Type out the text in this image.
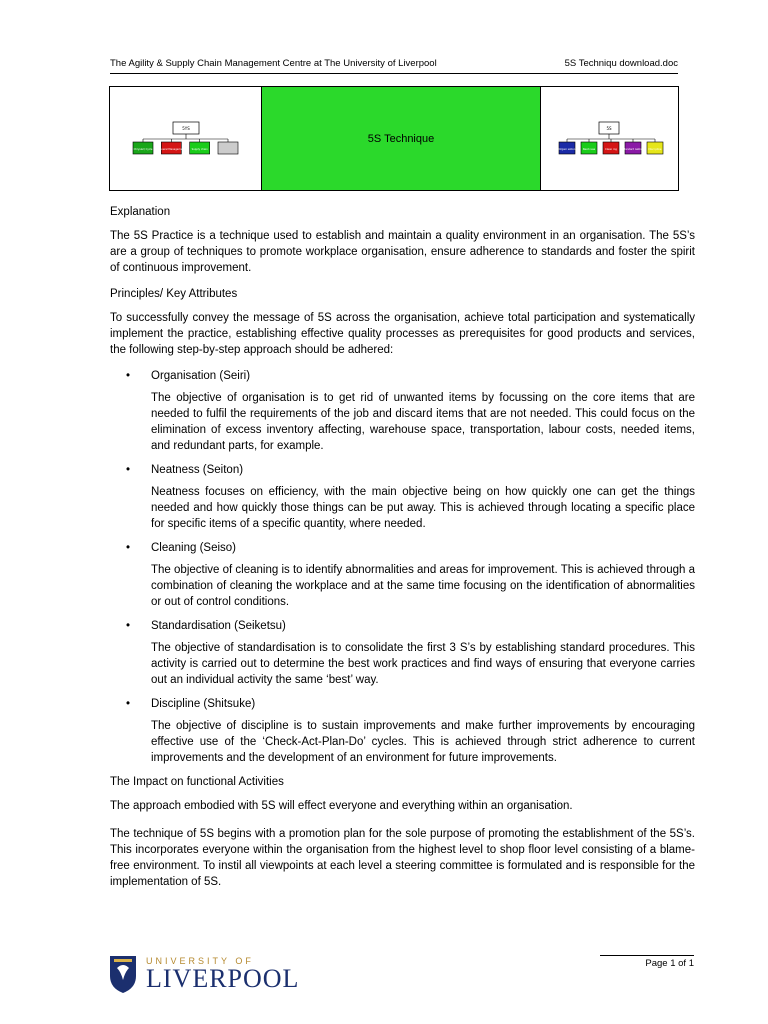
The Agility & Supply Chain Management Centre at The University of Liverpool	5S Techniqu download.doc
5YS
Chrysler/ Cycle General Management	Supply chain
5S Technique
5S
Organi sation	Neat ness	Clean ing Standard isation Disci pline
Explanation
The 5S Practice is a technique used to establish and maintain a quality environment in an organisation. The 5S’s are a group of techniques to promote workplace organisation, ensure adherence to standards and foster the spirit of continuous improvement.
Principles/ Key Attributes
To successfully convey the message of 5S across the organisation, achieve total participation and systematically implement the practice, establishing effective quality processes as prerequisites for good products and services, the following step-by-step approach should be adhered:
•	Organisation (Seiri)
The objective of organisation is to get rid of unwanted items by focussing on the core items that are needed to fulfil the requirements of the job and discard items that are not needed. This could focus on the elimination of excess inventory affecting, warehouse space, transportation, labour costs, needed items, and redundant parts, for example.
•	Neatness (Seiton)
Neatness focuses on efficiency, with the main objective being on how quickly one can get the things needed and how quickly those things can be put away. This is achieved through locating a specific place for specific items of a specific quantity, where needed.
•	Cleaning (Seiso)
The objective of cleaning is to identify abnormalities and areas for improvement. This is achieved through a combination of cleaning the workplace and at the same time focusing on the identification of abnormalities or out of control conditions.
•	Standardisation (Seiketsu)
The objective of standardisation is to consolidate the first 3 S’s by establishing standard procedures. This activity is carried out to determine the best work practices and find ways of ensuring that everyone carries out an individual activity the same ‘best’ way.
•	Discipline (Shitsuke)
The objective of discipline is to sustain improvements and make further improvements by encouraging effective use of the ‘Check-Act-Plan-Do’ cycles. This is achieved through strict adherence to current improvements and the development of an environment for future improvements.
The Impact on functional Activities
The approach embodied with 5S will effect everyone and everything within an organisation.
The technique of 5S begins with a promotion plan for the sole purpose of promoting the establishment of the 5S’s. This incorporates everyone within the organisation from the highest level to shop floor level consisting of a blame-free environment. To instil all viewpoints at each level a steering committee is formulated and is responsible for the implementation of 5S.
UNIVERSITY OF
LIVERPOOL
Page 1 of 1
